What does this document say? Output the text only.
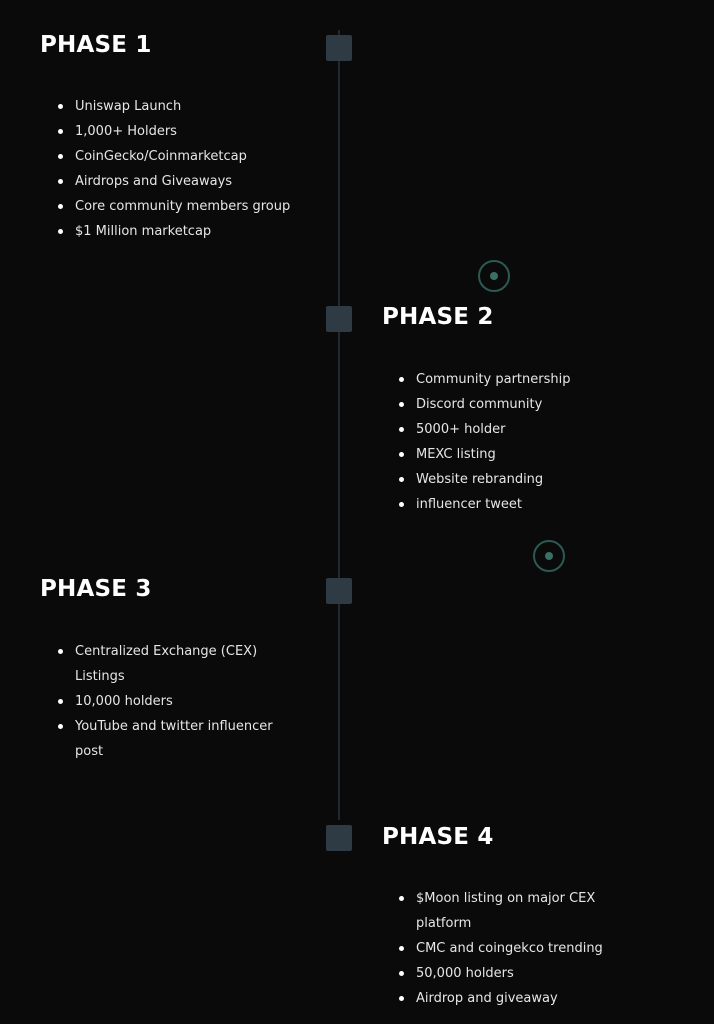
PHASE 1
Uniswap Launch
1,000+ Holders
CoinGecko/Coinmarketcap
Airdrops and Giveaways
Core community members group
$1 Million marketcap
PHASE 2
Community partnership
Discord community
5000+ holder
MEXC listing
Website rebranding
influencer tweet
PHASE 3
Centralized Exchange (CEX) Listings
10,000 holders
YouTube and twitter influencer post
PHASE 4
$Moon listing on major CEX platform
CMC and coingekco trending
50,000 holders
Airdrop and giveaway
